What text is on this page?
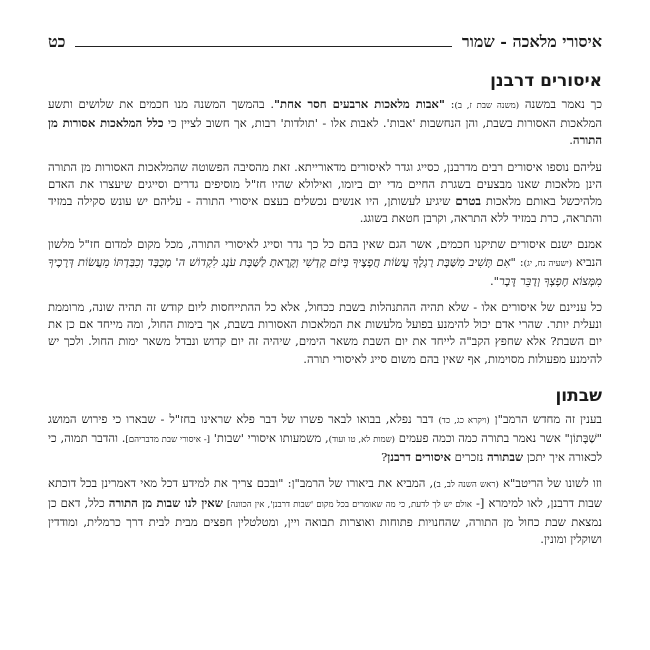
איסורי מלאכה - שמור
כט
איסורים דרבנן

כך נאמר במשנה (משנה שבת ז, ב): "אבות מלאכות ארבעים חסר אחת". בהמשך המשנה מנו חכמים את שלושים ותשע המלאכות האסורות בשבת, והן הנחשבות 'אבות'. לאבות אלו - 'תולדות' רבות, אך חשוב לציין כי כלל המלאכות אסורות מן התורה.

עליהם נוספו איסורים רבים מדרבנן, כסייג וגדר לאיסורים מדאורייתא. זאת מהסיבה הפשוטה שהמלאכות האסורות מן התורה הינן מלאכות שאנו מבצעים בשגרת החיים מדי יום ביומו, ואילולא שהיו חז"ל מוסיפים גדרים וסייגים שיעצרו את האדם מלהיכשל באותם מלאכות בטרם שיגיע לעשותן, היו אנשים נכשלים בעצם איסורי התורה - עליהם יש עונש סקילה במזיד והתראה, כרת במזיד ללא התראה, וקרבן חטאת בשוגג.

אמנם ישנם איסורים שתיקנו חכמים, אשר הגם שאין בהם כל כך גדר וסייג לאיסורי התורה, מכל מקום למדום חז"ל מלשון הנביא (ישעיה נח, יג): "אִם תָּשִׁיב מִשַּׁבָּת רַגְלֶךָ עֲשׂוֹת חֲפָצֶיךָ בְּיוֹם קָדְשִׁי וְקָרָאתָ לַשַּׁבָּת עֹנֶג לִקְדוֹשׁ ה' מְכֻבָּד וְכִבַּדְתּוֹ מֵעֲשׂוֹת דְּרָכֶיךָ מִמְּצוֹא חֶפְצְךָ וְדַבֵּר דָּבָר".

כל עניינם של איסורים אלו - שלא תהיה ההתנהלות בשבת ככחול, אלא כל ההתייחסות ליום קודש זה תהיה שונה, מרוממת ונעלית יותר. שהרי אדם יכול להימנע בפועל מלעשות את המלאכות האסורות בשבת, אך בימות החול, ומה מייחד אם כן את יום השבת? אלא שחפץ הקב"ה לייחד את יום השבת משאר הימים, שיהיה זה יום קדוש ונבדל משאר ימות החול. ולכך יש להימנע מפעולות מסוימות, אף שאין בהם משום סייג לאיסורי תורה.

שבתון

בענין זה מחדש הרמב"ן (ויקרא כג, כד) דבר נפלא, בבואו לבאר פשרו של דבר פלא שראינו בחז"ל - שבארו כי פירוש המושג "שַׁבָּתוֹן" אשר נאמר בתורה כמה וכמה פעמים (שמות לא, טו ועוד), משמעותו איסורי 'שבות' [- איסורי שבת מדבריהם]. והדבר תמוה, כי לכאורה איך יתכן שבתורה נזכרים איסורים דרבנן?

וזו לשונו של הריטב"א (ראש השנה לב, ב), המביא את ביאורו של הרמב"ן: "ובכם צריך את למידע דכל מאי דאמרינן בכל דוכתא שבות דרבנן, לאו למימרא [- אולם יש לך לדעת, כי מה שאומרים בכל מקום 'שבות דרבנן', אין הכוונה] שאין לנו שבות מן התורה כלל, דאם כן נמצאת שבת כחול מן התורה, שהחנויות פתוחות ואוצרות תבואה ויין, ומטלטלין חפצים מבית לבית דרך כרמלית, ומודדין ושוקלין ומונין.
